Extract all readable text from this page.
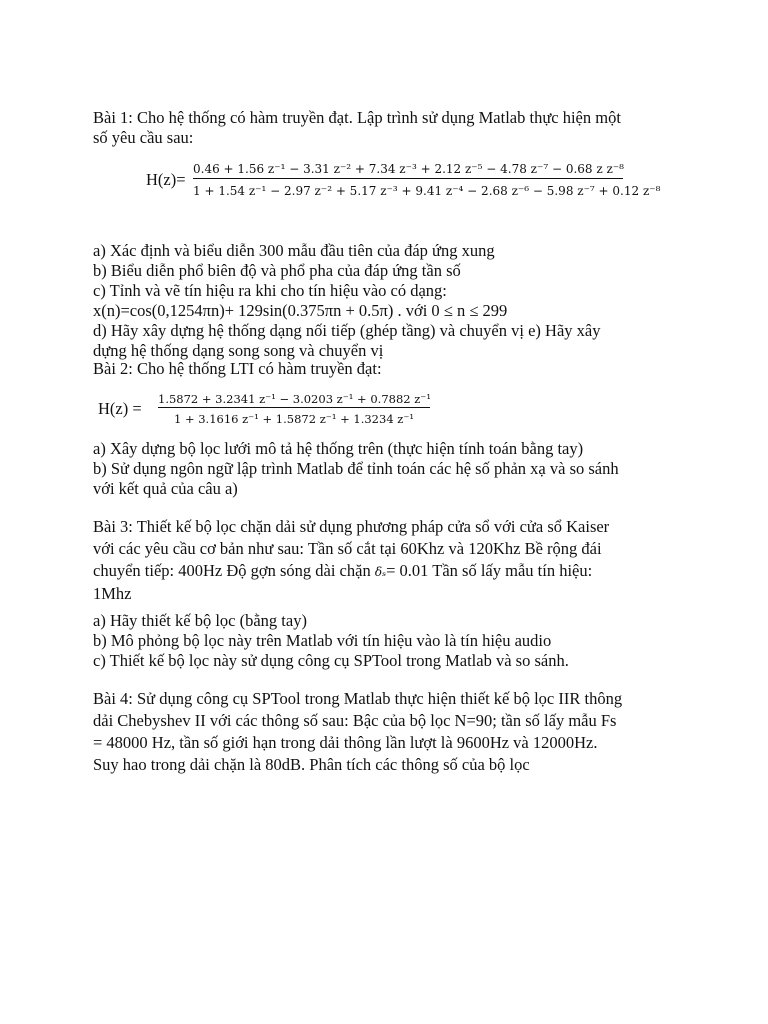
Bài 1: Cho hệ thống có hàm truyền đạt. Lập trình sử dụng Matlab thực hiện một
số yêu cầu sau:
H(z)=
0.46 + 1.56 z⁻¹ − 3.31 z⁻² + 7.34 z⁻³ + 2.12 z⁻⁵ − 4.78 z⁻⁷ − 0.68 z z⁻⁸
1 + 1.54 z⁻¹ − 2.97 z⁻² + 5.17 z⁻³ + 9.41 z⁻⁴ − 2.68 z⁻⁶ − 5.98 z⁻⁷ + 0.12 z⁻⁸
a) Xác định và biểu diễn 300 mẫu đầu tiên của đáp ứng xung
b) Biểu diễn phổ biên độ và phổ pha của đáp ứng tần số
c) Tỉnh và vẽ tín hiệu ra khi cho tín hiệu vào có dạng:
x(n)=cos(0,1254πn)+ 129sin(0.375πn + 0.5π) . với 0 ≤ n ≤ 299
d) Hãy xây dựng hệ thống dạng nối tiếp (ghép tầng) và chuyển vị e) Hãy xây
dựng hệ thống dạng song song và chuyển vị
Bài 2: Cho hệ thống LTI có hàm truyền đạt:
H(z) = 1.5872 + 3.2341 z⁻¹ − 3.0203 z⁻¹ + 0.7882 z⁻¹
1 + 3.1616 z⁻¹ + 1.5872 z⁻¹ + 1.3234 z⁻¹
a) Xây dựng bộ lọc lưới mô tả hệ thống trên (thực hiện tính toán bằng tay)
b) Sử dụng ngôn ngữ lập trình Matlab để tỉnh toán các hệ số phản xạ và so sánh
với kết quả của câu a)
Bài 3: Thiết kế bộ lọc chặn dải sử dụng phương pháp cửa sổ với cửa sổ Kaiser
với các yêu cầu cơ bản như sau: Tần số cắt tại 60Khz và 120Khz Bề rộng đái
chuyển tiếp: 400Hz Độ gợn sóng dài chặn δₛ= 0.01 Tần số lấy mẫu tín hiệu:
1Mhz
a) Hãy thiết kế bộ lọc (bằng tay)
b) Mô phỏng bộ lọc này trên Matlab với tín hiệu vào là tín hiệu audio
c) Thiết kế bộ lọc này sử dụng công cụ SPTool trong Matlab và so sánh.
Bài 4: Sử dụng công cụ SPTool trong Matlab thực hiện thiết kế bộ lọc IIR thông
dải Chebyshev II với các thông số sau: Bậc của bộ lọc N=90; tần số lấy mẫu Fs
= 48000 Hz, tần số giới hạn trong dải thông lần lượt là 9600Hz và 12000Hz.
Suy hao trong dải chặn là 80dB. Phân tích các thông số của bộ lọc
